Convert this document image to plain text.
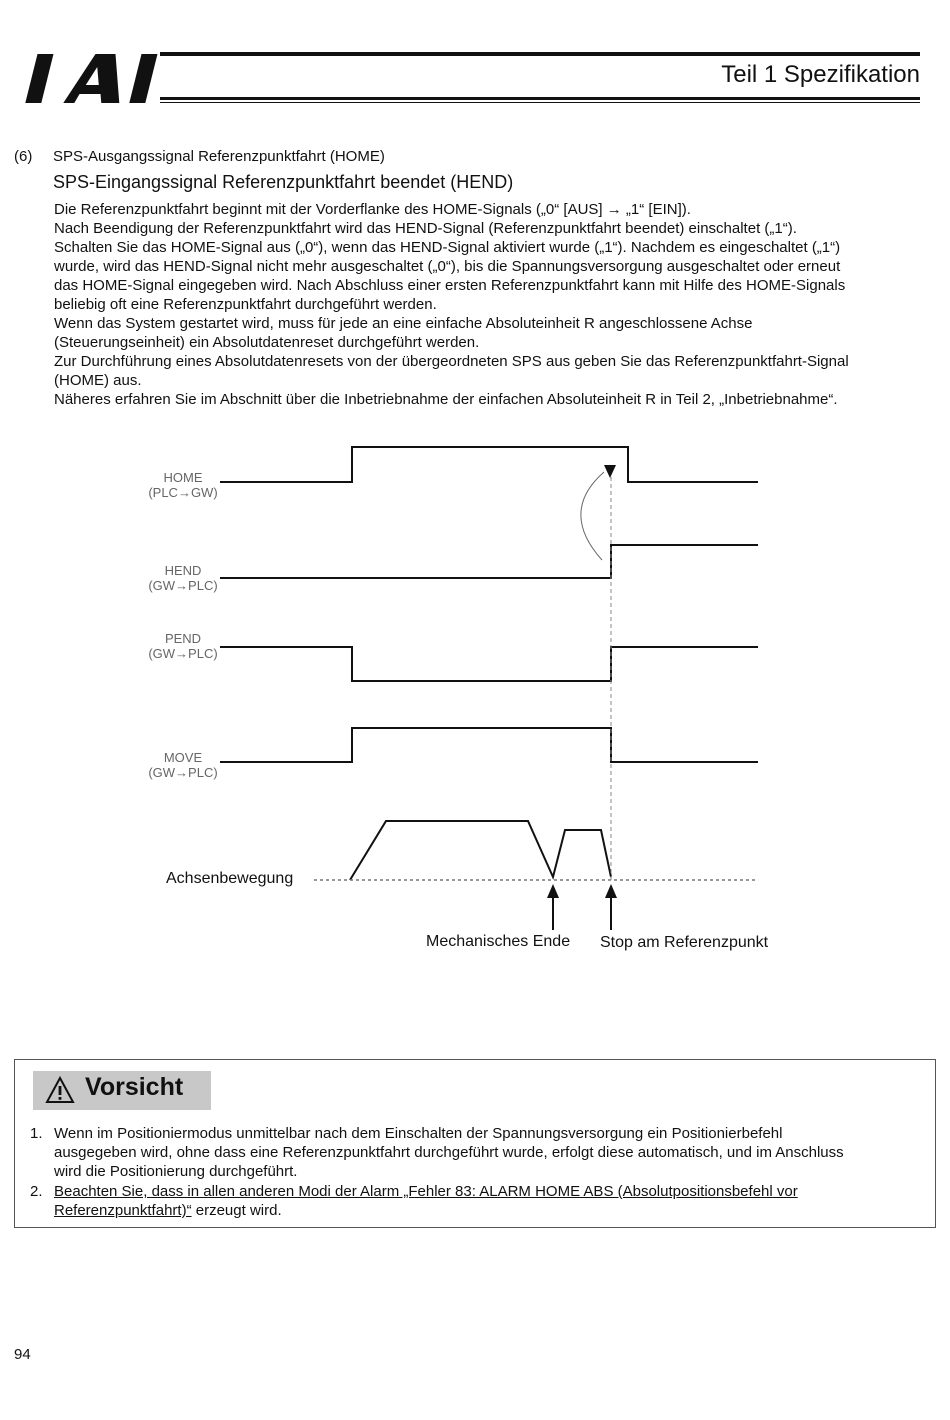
Teil 1 Spezifikation
(6) SPS-Ausgangssignal Referenzpunktfahrt (HOME)
SPS-Eingangssignal Referenzpunktfahrt beendet (HEND)

Die Referenzpunktfahrt beginnt mit der Vorderflanke des HOME-Signals („0“ [AUS] → „1“ [EIN]).

Nach Beendigung der Referenzpunktfahrt wird das HEND-Signal (Referenzpunktfahrt beendet) einschaltet („1“).

Schalten Sie das HOME-Signal aus („0“), wenn das HEND-Signal aktiviert wurde („1“). Nachdem es eingeschaltet („1“)

wurde, wird das HEND-Signal nicht mehr ausgeschaltet („0“), bis die Spannungsversorgung ausgeschaltet oder erneut

das HOME-Signal eingegeben wird. Nach Abschluss einer ersten Referenzpunktfahrt kann mit Hilfe des HOME-Signals

beliebig oft eine Referenzpunktfahrt durchgeführt werden.

Wenn das System gestartet wird, muss für jede an eine einfache Absoluteinheit R angeschlossene Achse

(Steuerungseinheit) ein Absolutdatenreset durchgeführt werden.

Zur Durchführung eines Absolutdatenresets von der übergeordneten SPS aus geben Sie das Referenzpunktfahrt-Signal

(HOME) aus.

Näheres erfahren Sie im Abschnitt über die Inbetriebnahme der einfachen Absoluteinheit R in Teil 2, „Inbetriebnahme“.

HOME
(PLC→GW)
HEND
(GW→PLC)
PEND
(GW→PLC)
MOVE
(GW→PLC)
Achsenbewegung
Mechanisches Ende Stop am Referenzpunkt
Vorsicht
1. Wenn im Positioniermodus unmittelbar nach dem Einschalten der Spannungsversorgung ein Positionierbefehl
ausgegeben wird, ohne dass eine Referenzpunktfahrt durchgeführt wurde, erfolgt diese automatisch, und im Anschluss
wird die Positionierung durchgeführt.
2. Beachten Sie, dass in allen anderen Modi der Alarm „Fehler 83: ALARM HOME ABS (Absolutpositionsbefehl vor
Referenzpunktfahrt)“ erzeugt wird.
94
